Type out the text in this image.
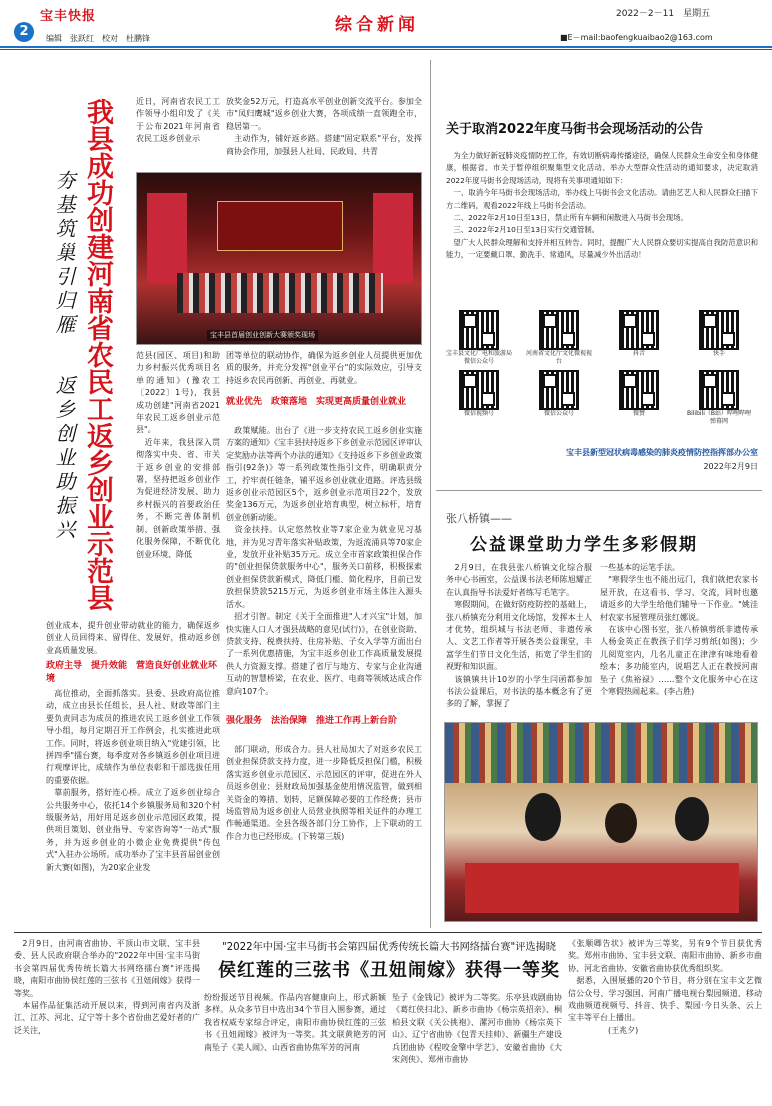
2
宝丰快报
编辑　张跃红　校对　杜鹏锋
综合新闻
2022－2－11　星期五
■E－mail:baofengkuaibao2@163.com
我县成功创建河南省农民工返乡创业示范县
夯基筑巢引归雁
返乡创业助振兴
近日，河南省农民工工作领导小组印发了《关于公布2021年河南省农民工返乡创业示
放奖金52万元，打造高水平创业创新交流平台。参加全市"凤归鹰城"返乡创业大赛，各项成绩一直领跑全市，稳居第一。
　主动作为，铺好返乡路。搭建"固定联系"平台，发挥商协会作用，加强县人社局、民政局、共青
宝丰县首届创业创新大赛颁奖现场
范县(园区、项目)和助力乡村振兴优秀项目名单的通知》(豫农工〔2022〕1号)，我县成功创建"河南省2021年农民工返乡创业示范县"。
　近年来，我县深入贯彻落实中央、省、市关于返乡创业的安排部署，坚持把返乡创业作为促进经济发展、助力乡村振兴的首要政治任务，不断完善体制机制、创新政策举措、强化服务保障，不断优化创业环境、降低
团等单位的联动协作，确保为返乡创业人员提供更加优质的服务，并充分发挥"创业平台"的实际效应，引导支持返乡农民再创新、再创业、再就业。
就业优先　政策落地　实现更高质量创业就业
　政策赋能。出台了《进一步支持农民工返乡创业实施方案的通知》《宝丰县扶持返乡下乡创业示范园区评审认定奖励办法等两个办法的通知》《支持返乡下乡创业政策指引(92条)》等一系列政策性指引文件，明确职责分工，拧牢责任链条，铺平返乡创业就业道路。评选县级返乡创业示范园区5个，返乡创业示范项目22个，发放奖金136万元，为返乡创业培育典型，树立标杆，培育创业创新动能。
　资金扶持。认定悠然牧业等7家企业为就业见习基地，并为见习青年落实补贴政策，为返流涌具等70家企业，发放开业补贴35万元。成立全市首家政策担保合作的"创业担保贷款服务中心"，服务关口前移，积极探索创业担保贷款新模式，降低门槛、简化程序，目前已发放担保贷款5215万元，为返乡创业市场主体注入源头活水。
　招才引智。制定《关于全面推进"人才兴宝"计划，加快实施人口人才强县战略的意见(试行)》，在创业资助、贷款支持、税费扶持、住房补贴、子女入学等方面出台了一系列优惠措施，为宝丰返乡创业工作高质量发展提供人力资源支撑。搭建了省厅与地方、专家与企业沟通互动的智慧桥梁，在农业、医疗、电商等领域达成合作意向107个。
创业成本，提升创业带动就业的能力，确保返乡创业人员回得来、留得住、发展好，推动返乡创业高质量发展。
政府主导　提升效能　营造良好创业就业环境
　高位推动，全面抓落实。县委、县政府高位推动，成立由县长任组长，县人社、财政等部门主要负责同志为成员的推进农民工返乡创业工作领导小组，每月定期召开工作例会，扎实推进此项工作。同时，将返乡创业项目纳入"党建引领，比拼四季"擂台赛，每季度对各乡镇返乡创业项目进行观摩评比，成绩作为单位表彰和干部选拔任用的重要依据。
　靠前服务，搭好连心桥。成立了返乡创业综合公共服务中心，依托14个乡镇服务局和320个村级服务站，用好用足返乡创业示范园区政策，提供项目策划、创业指导、专家咨询等"一站式"服务，并为返乡创业的小微企业免费提供"传包式"入驻办公场所。成功举办了宝丰县首届创业创新大赛(如图)，为20家企业发
强化服务　法治保障　推进工作再上新台阶
　部门联动，形成合力。县人社局加大了对返乡农民工创业担保贷款支持力度，进一步降低反担保门槛，积极落实返乡创业示范园区、示范园区的评审，促进在外人员返乡创业；县财政局加强基金使用情况监管，做到相关资金的筹措、划转，足额保障必要的工作经费；县市场监管局为返乡创业人员营业执照等相关证件的办理工作畅通渠道。全县各级各部门分工协作，上下联动的工作合力也已经形成。(下转第三版)
关于取消2022年度马街书会现场活动的公告
　为全力做好新冠肺炎疫情防控工作，有效切断病毒传播途径，确保人民群众生命安全和身体健康，根据省、市关于暂停组织聚集型文化活动、举办大型群众性活动的通知要求，决定取消2022年度马街书会现场活动，现将有关事项通知如下：
　一、取消今年马街书会现场活动，举办线上马街书会文化活动。请曲艺艺人和人民群众扫描下方二维码，观看2022年线上马街书会活动。
　二、2022年2月10日至13日，禁止所有车辆和闲散进入马街书会现场。
　三、2022年2月10日至13日实行交通管制。
　望广大人民群众理解和支持并相互转告。同时，提醒广大人民群众要切实提高自我防范意识和能力，一定要戴口罩、勤洗手、常通风，尽量减少外出活动！
宝丰县文化广电和旅游局微信公众号
河南省文化厅文化微视视台
抖音	快手
微信视频号	微信公众号	微赞	Bilibili（B站）哔哩哔哩弹幕网
宝丰县新型冠状病毒感染的肺炎疫情防控指挥部办公室
2022年2月9日
张八桥镇——
公益课堂助力学生多彩假期
　2月9日，在我县张八桥镇文化综合服务中心书画室，公益课书法老师陈旭耀正在认真指导书法爱好者练写毛笔字。
　寒假期间，在做好防疫防控的基础上，张八桥镇充分利用文化场馆，发挥本土人才优势，组织城与书法老师、非遗传承人、文艺工作者等开展各类公益课堂，丰富学生们节日文化生活，拓宽了学生们的视野和知识面。
　该镇镇共计10岁的小学生闫函都参加书法公益课后，对书法的基本概念有了更多的了解，掌握了
一些基本的运笔手法。
　"寒假学生也不能出远门，我们就把农家书屋开放，在这看书、学习、交流，同时也邀请返乡的大学生给他们辅导一下作业。"姚洼村农家书屋管理员张红娜说。
　在该中心图书室，张八桥镇剪纸非遗传承人杨金英正在教孩子们学习剪纸(如图)；少儿阅览室内，几名儿童正在津津有味地看着绘本；多功能室内，说唱艺人正在教授河南坠子《焦裕禄》……整个文化服务中心在这个寒假热闹起来。(李占胜)
　2月9日，由河南省曲协、平顶山市文联、宝丰县委、县人民政府联合举办的"2022年中国·宝丰马街书会第四届优秀传统长篇大书网络擂台赛"评选揭晓，南阳市曲协侯红莲的三弦书《丑妞闹嫁》获得一等奖。
　本届作品征集活动开展以来，得到河南省内及浙江、江苏、河北、辽宁等十多个省份曲艺爱好者的广泛关注，
"2022年中国·宝丰马街书会第四届优秀传统长篇大书网络擂台赛"评选揭晓
侯红莲的三弦书《丑妞闹嫁》获得一等奖
纷纷报送节目视频。作品内容健康向上，形式新颖多样。从众多节目中选出34个节目入围参赛，通过我省权威专家综合评定，南阳市曲协侯红莲的三弦书《丑妞闹嫁》被评为一等奖。其文联黄艳芳的河南坠子《美人闹》、山西省曲协焦军芳的河南
坠子《金钱记》被评为二等奖。乐亭县戏剧曲协《葛红侠扫北》、新乡市曲协《杨宗英招亲》、桐柏县文联《关公挑袍》、漯河市曲协《杨宗英下山》、辽宁省曲协《包青天挂帅》、新疆生产建设兵团曲协《程咬金擎中学艺》、安徽省曲协《大宋剑侠》、郑州市曲协
《张顺卿告状》被评为三等奖，另有9个节目获优秀奖。郑州市曲协、宝丰县文联、南阳市曲协、新乡市曲协、河北省曲协、安徽省曲协获优秀组织奖。
　据悉，入围展播的20个节目，将分别在宝丰文艺微信公众号、学习强国、河南广播电视台梨园频道、移动戏曲频道视频号、抖音、快手、梨园·今日头条、云上宝丰等平台上播出。
　　　　　(王兆夕)
